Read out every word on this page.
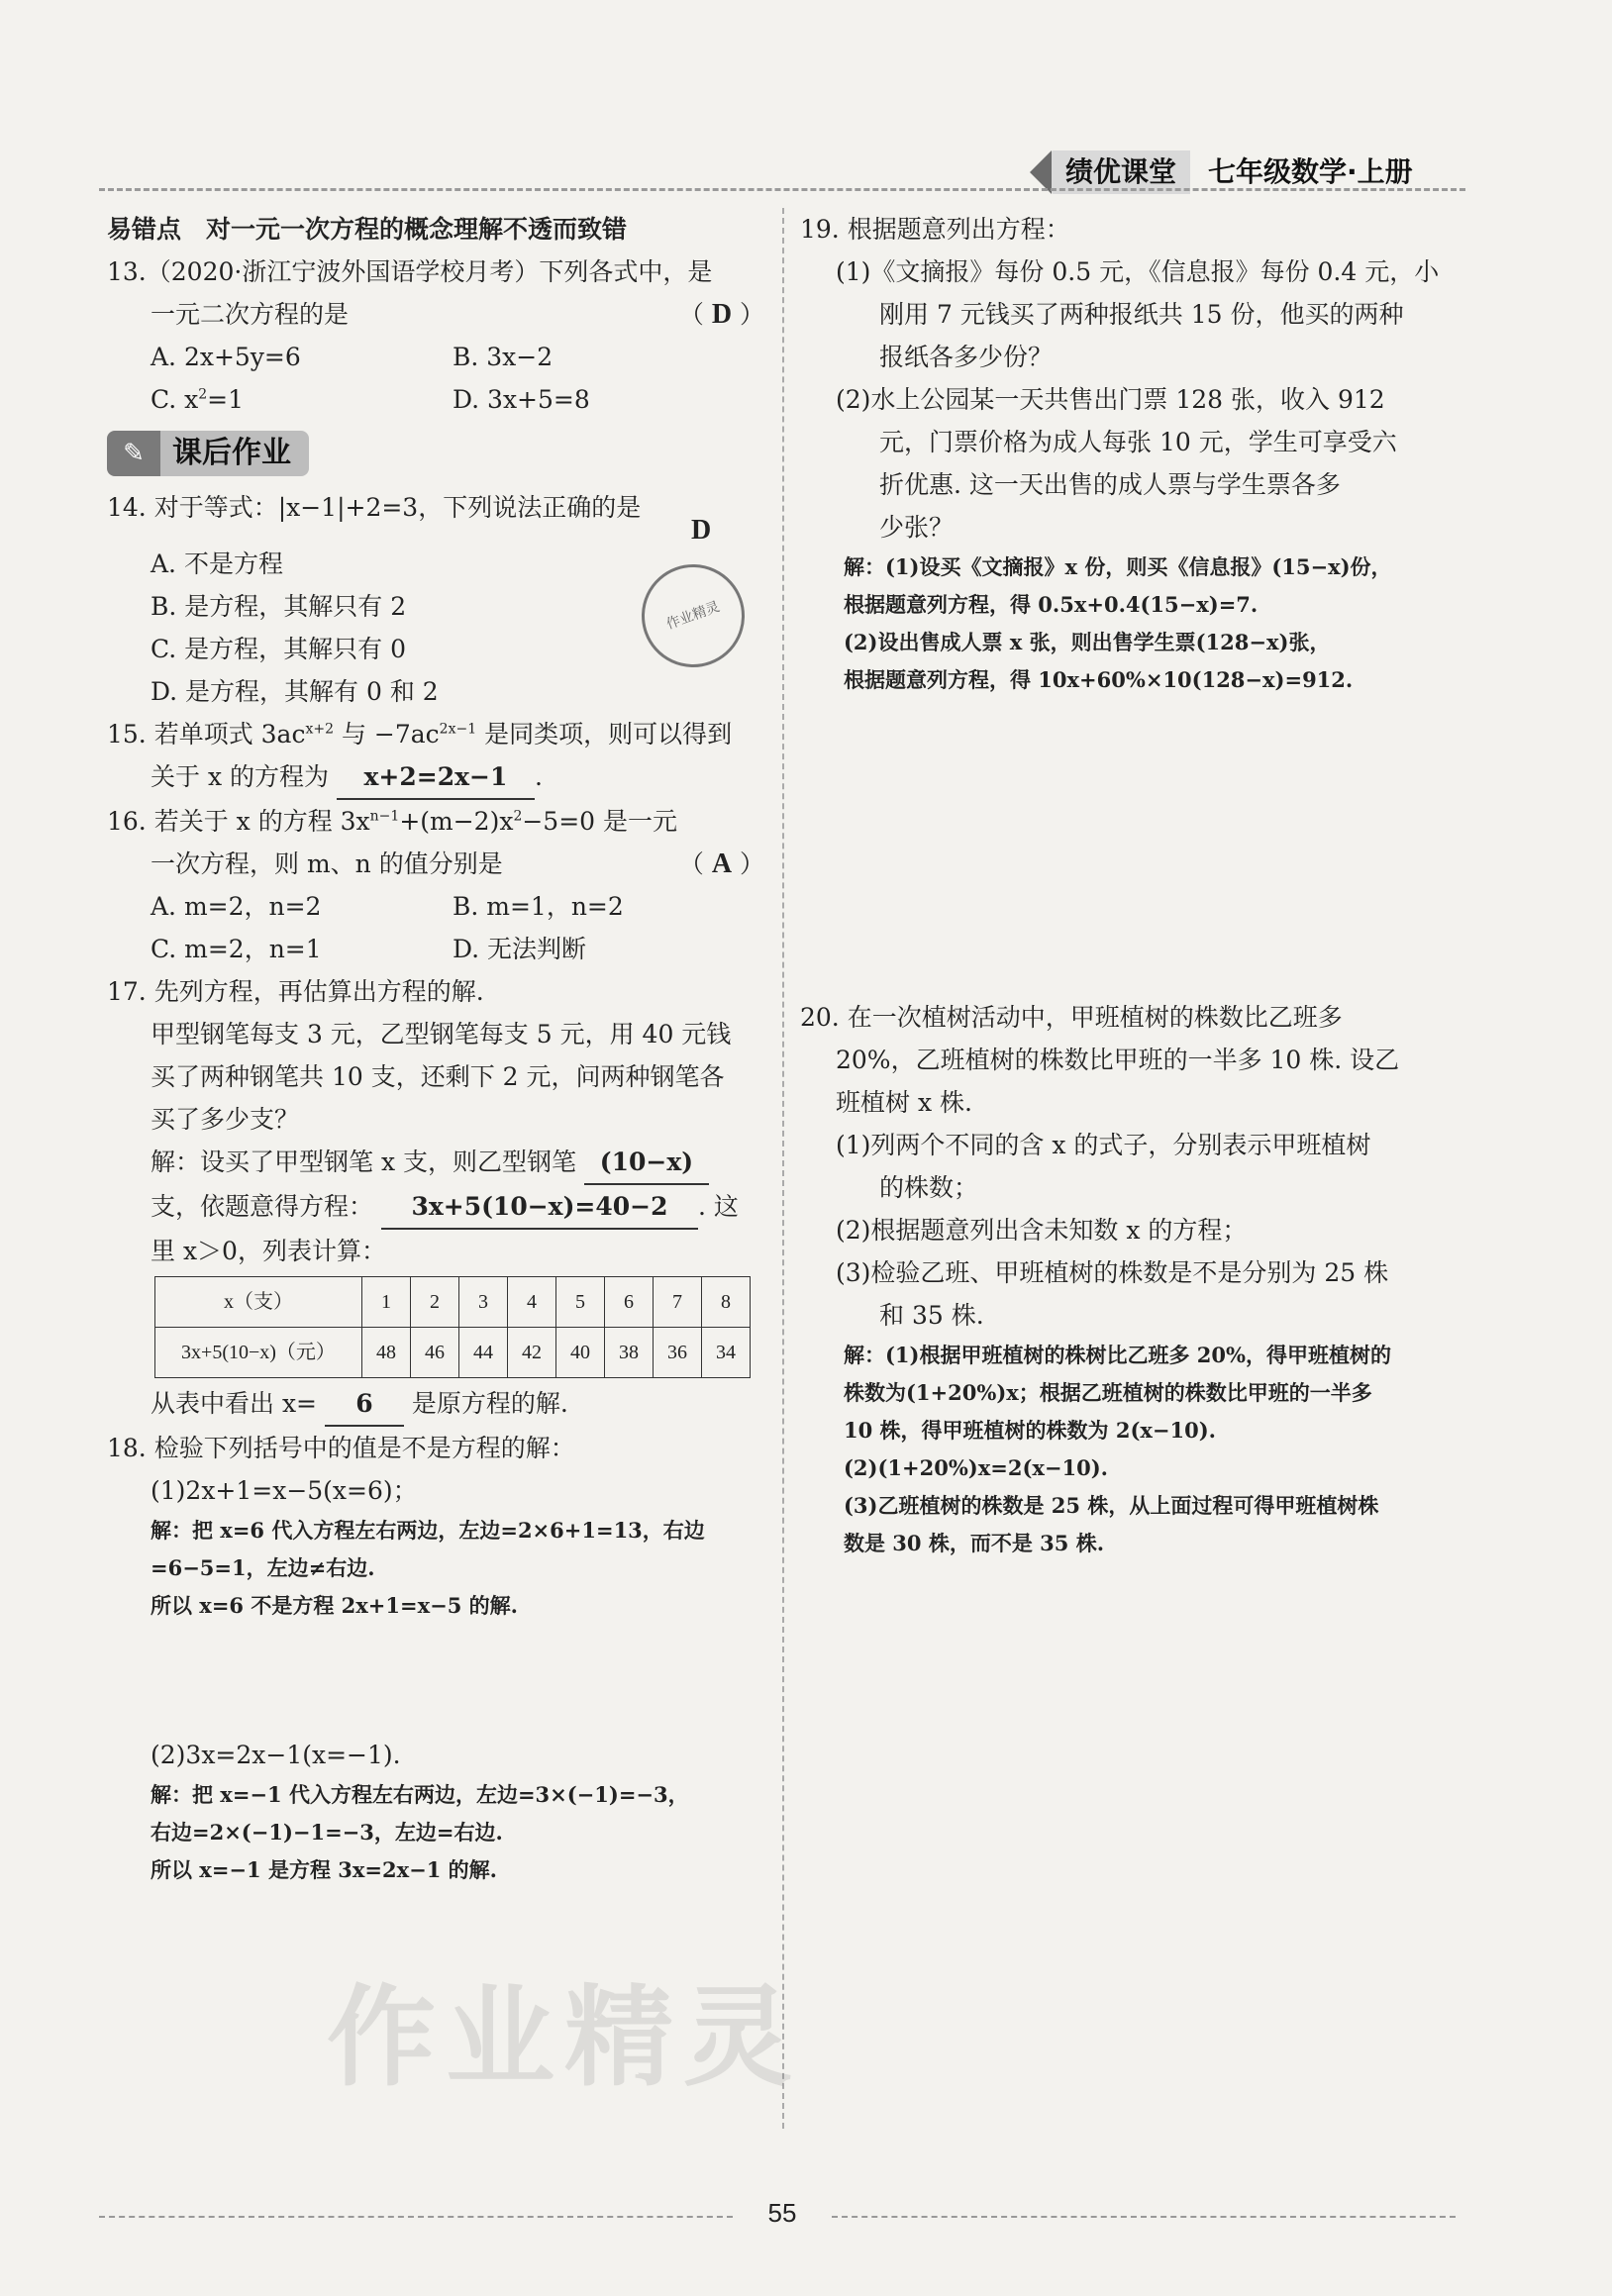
绩优课堂	七年级数学·上册

易错点　对一元一次方程的概念理解不透而致错

13.（2020·浙江宁波外国语学校月考）下列各式中，是

一元二次方程的是	（ D ）

A. 2x+5y=6	B. 3x−2
C. $x^2=1$	D. 3x+5=8
✎ 课后作业

14. 对于等式：|x−1|+2=3，下列说法正确的是

D

A. 不是方程

B. 是方程，其解只有 2

C. 是方程，其解只有 0

D. 是方程，其解有 0 和 2

15. 若单项式 $3ac^{x+2}$ 与 $-7ac^{2x-1}$ 是同类项，则可以得到

关于 x 的方程为 x+2=2x−1 .

16. 若关于 x 的方程 $3x^{n-1}+(m-2)x^2-5=0$ 是一元

一次方程，则 m、n 的值分别是	（ A ）

A. m=2，n=2	B. m=1，n=2
C. m=2，n=1	D. 无法判断

17. 先列方程，再估算出方程的解.

甲型钢笔每支 3 元，乙型钢笔每支 5 元，用 40 元钱

买了两种钢笔共 10 支，还剩下 2 元，问两种钢笔各

买了多少支？

解：设买了甲型钢笔 x 支，则乙型钢笔 (10−x)

支，依题意得方程： 3x+5(10−x)=40−2 . 这

里 x＞0，列表计算：

x（支）	1	2	3	4	5	6	7	8
3x+5(10−x)（元）	48	46	44	42	40	38	36	34

从表中看出 x= 6 是原方程的解.

18. 检验下列括号中的值是不是方程的解：

(1)2x+1=x−5(x=6)；

解：把 x=6 代入方程左右两边，左边=2×6+1=13，右边
=6−5=1，左边≠右边.
所以 x=6 不是方程 2x+1=x−5 的解.

(2)3x=2x−1(x=−1).

解：把 x=−1 代入方程左右两边，左边=3×(−1)=−3，
右边=2×(−1)−1=−3，左边=右边.
所以 x=−1 是方程 3x=2x−1 的解.
作业精灵

19. 根据题意列出方程：

(1)《文摘报》每份 0.5 元，《信息报》每份 0.4 元，小

刚用 7 元钱买了两种报纸共 15 份，他买的两种

报纸各多少份？

(2)水上公园某一天共售出门票 128 张，收入 912

元，门票价格为成人每张 10 元，学生可享受六

折优惠. 这一天出售的成人票与学生票各多

少张？

解：(1)设买《文摘报》x 份，则买《信息报》(15−x)份，
根据题意列方程，得 0.5x+0.4(15−x)=7.
(2)设出售成人票 x 张，则出售学生票(128−x)张，
根据题意列方程，得 10x+60%×10(128−x)=912.

20. 在一次植树活动中，甲班植树的株数比乙班多

20%，乙班植树的株数比甲班的一半多 10 株. 设乙

班植树 x 株.

(1)列两个不同的含 x 的式子，分别表示甲班植树

的株数；

(2)根据题意列出含未知数 x 的方程；

(3)检验乙班、甲班植树的株数是不是分别为 25 株

和 35 株.

解：(1)根据甲班植树的株树比乙班多 20%，得甲班植树的
株数为(1+20%)x；根据乙班植树的株数比甲班的一半多
10 株，得甲班植树的株数为 2(x−10).
(2)(1+20%)x=2(x−10).
(3)乙班植树的株数是 25 株，从上面过程可得甲班植树株
数是 30 株，而不是 35 株.
作业精灵
55
